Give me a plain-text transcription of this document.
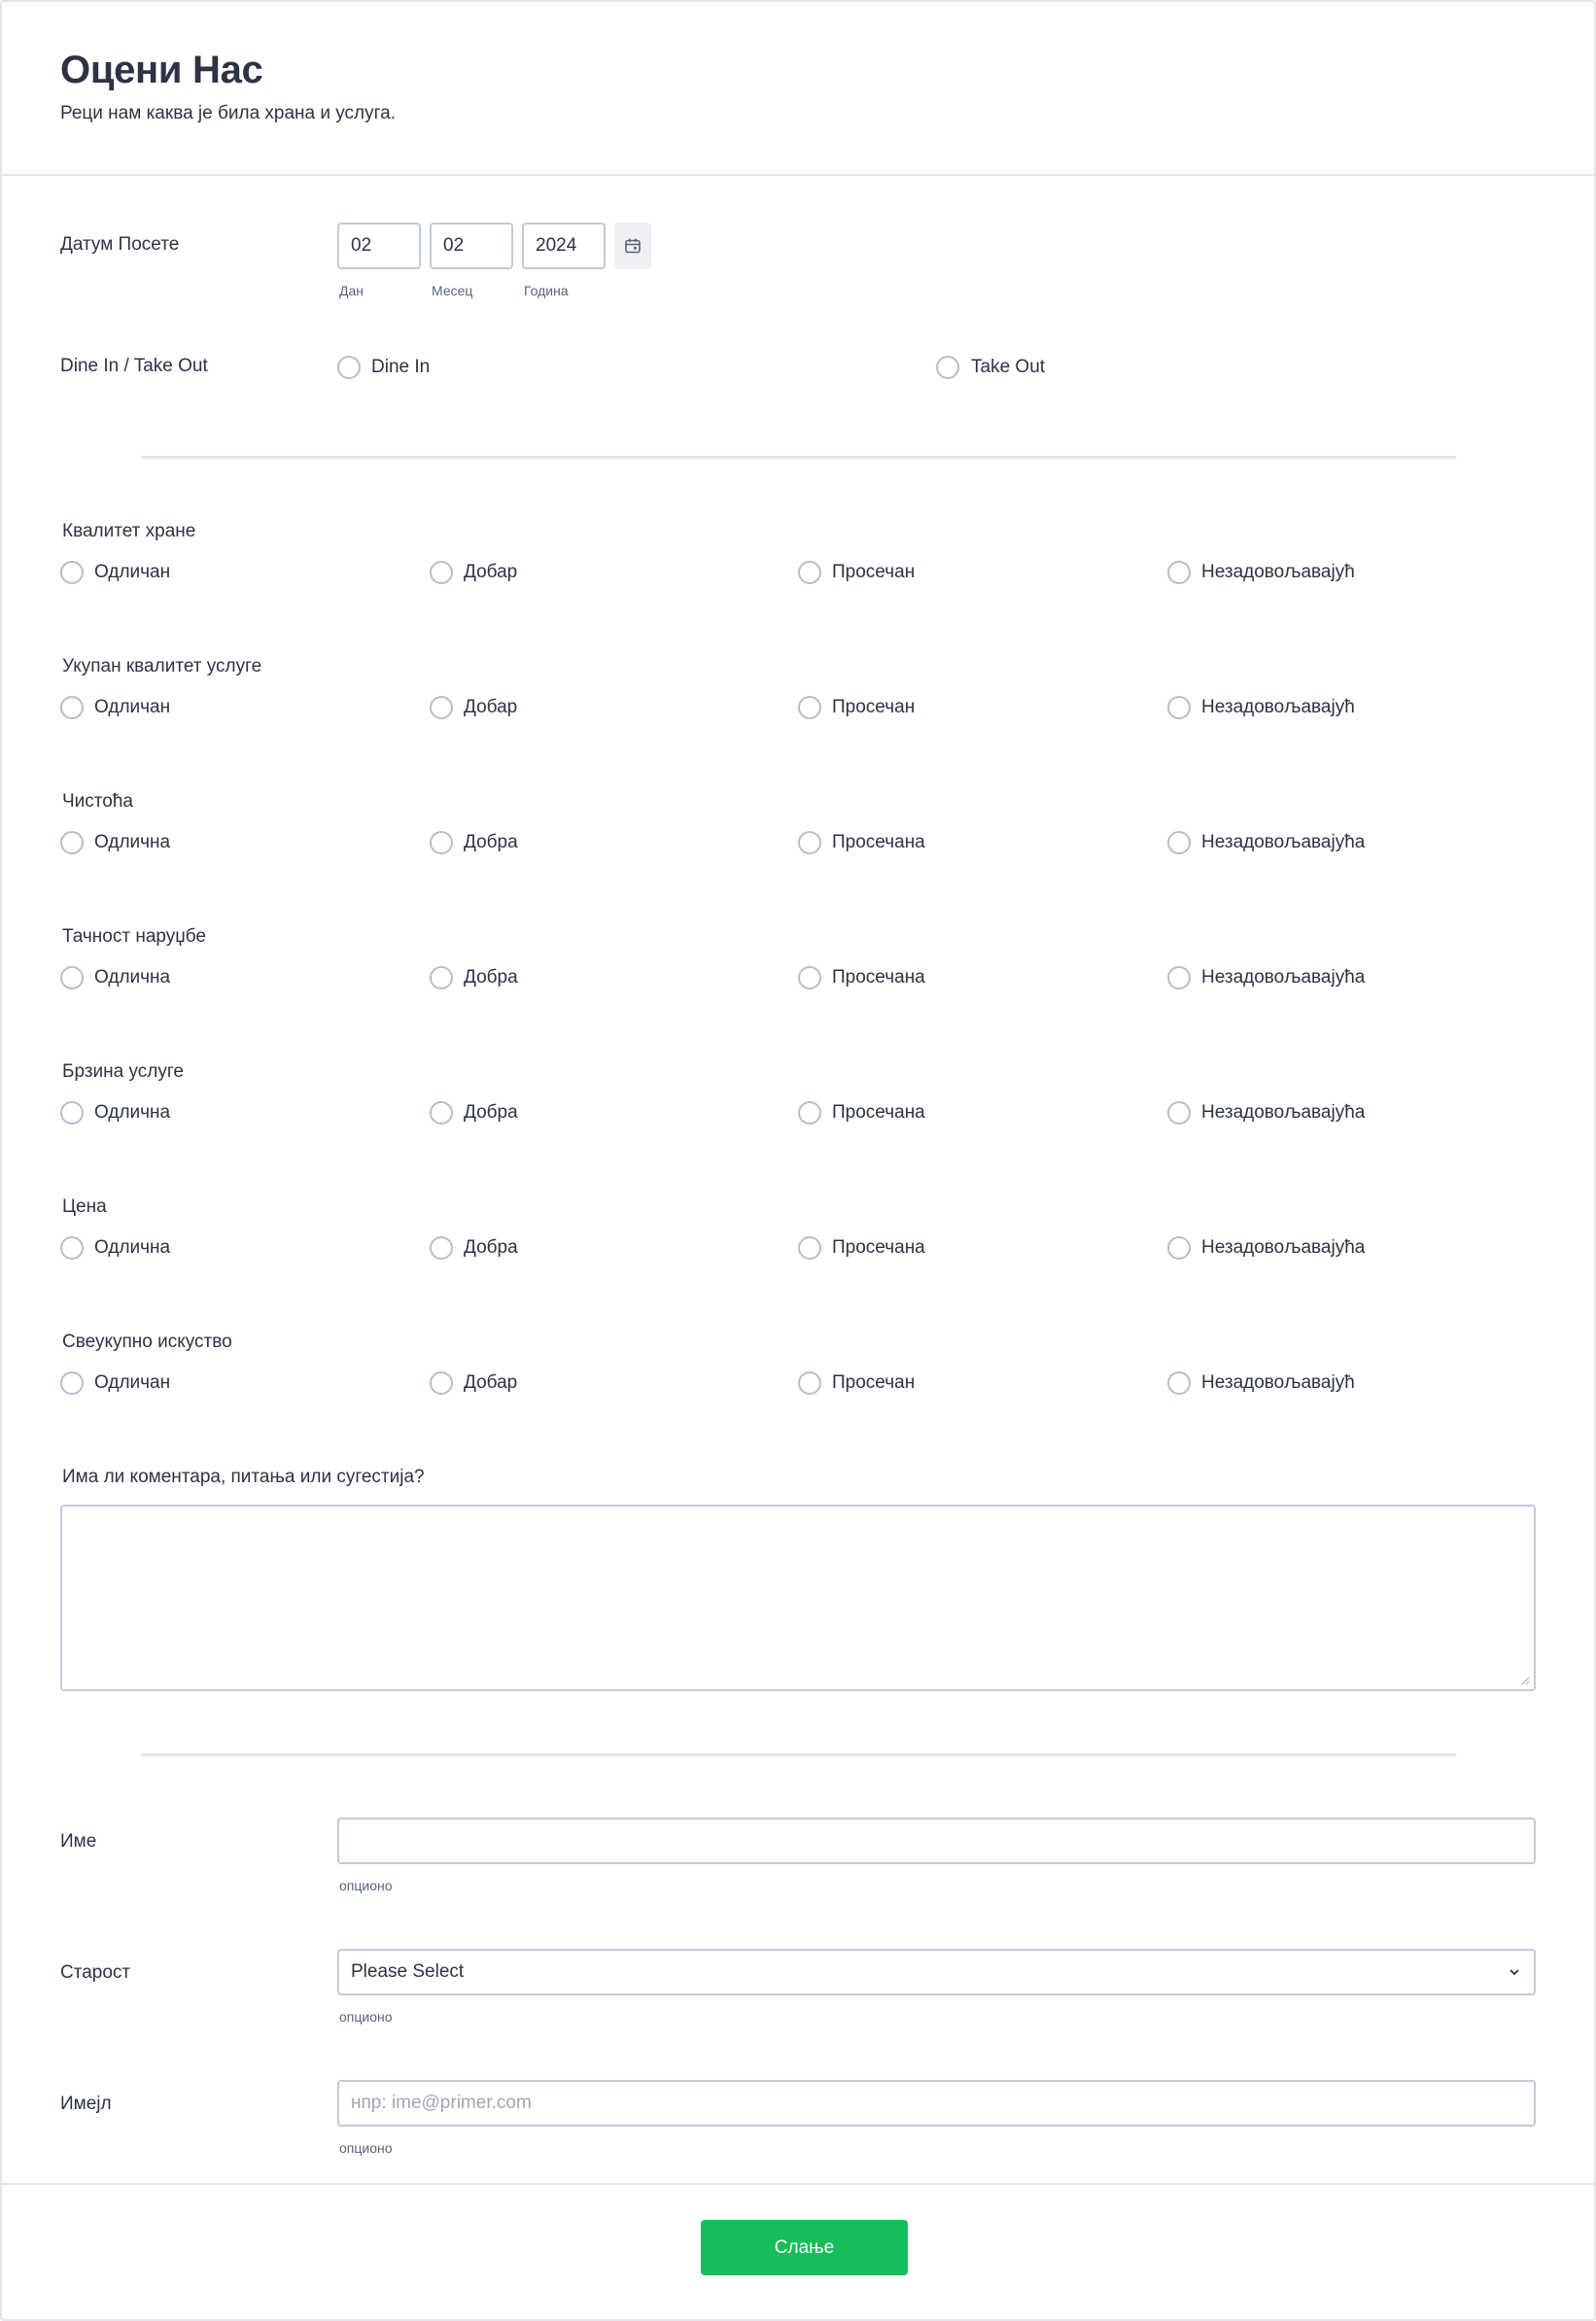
Оцени Нас
Реци нам каква је била храна и услуга.
Датум Посете	02	02	2024
Дан	Месец	Година
Dine In / Take Out	Dine In	Take Out
Квалитет хране
Одличан	Добар	Просечан	Незадовољавајућ
Укупан квалитет услуге
Одличан	Добар	Просечан	Незадовољавајућ
Чистоћа
Одлична	Добра	Просечана	Незадовољавајућа
Тачност наруџбе
Одлична	Добра	Просечана	Незадовољавајућа
Брзина услуге
Одлична	Добра	Просечана	Незадовољавајућа
Цена
Одлична	Добра	Просечана	Незадовољавајућа
Свеукупно искуство
Одличан	Добар	Просечан	Незадовољавајућ
Има ли коментара, питања или сугестија?
Име
опционо
Старост	Please Select
опционо
Имејл	нпр: ime@primer.com
опционо
Слање
